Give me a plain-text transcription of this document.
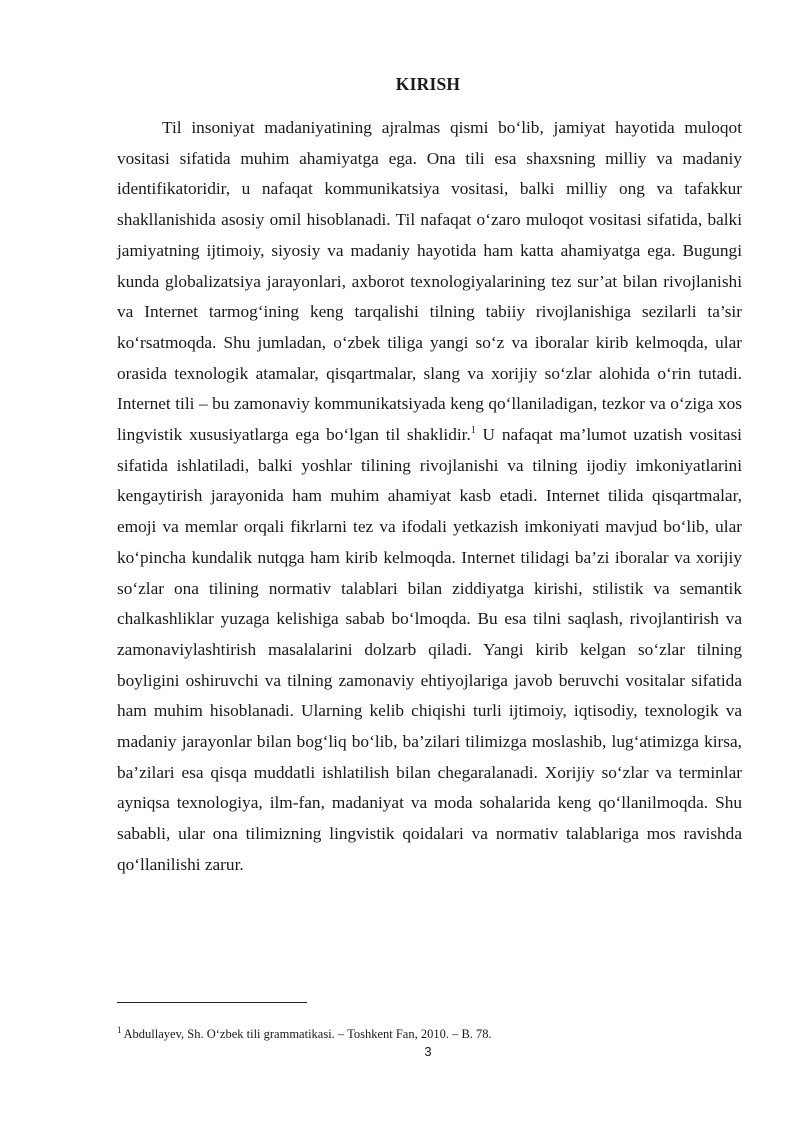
KIRISH

Til insoniyat madaniyatining ajralmas qismi bo‘lib, jamiyat hayotida muloqot vositasi sifatida muhim ahamiyatga ega. Ona tili esa shaxsning milliy va madaniy identifikatoridir, u nafaqat kommunikatsiya vositasi, balki milliy ong va tafakkur shakllanishida asosiy omil hisoblanadi. Til nafaqat o‘zaro muloqot vositasi sifatida, balki jamiyatning ijtimoiy, siyosiy va madaniy hayotida ham katta ahamiyatga ega. Bugungi kunda globalizatsiya jarayonlari, axborot texnologiyalarining tez sur’at bilan rivojlanishi va Internet tarmog‘ining keng tarqalishi tilning tabiiy rivojlanishiga sezilarli ta’sir ko‘rsatmoqda. Shu jumladan, o‘zbek tiliga yangi so‘z va iboralar kirib kelmoqda, ular orasida texnologik atamalar, qisqartmalar, slang va xorijiy so‘zlar alohida o‘rin tutadi. Internet tili – bu zamonaviy kommunikatsiyada keng qo‘llaniladigan, tezkor va o‘ziga xos lingvistik xususiyatlarga ega bo‘lgan til shaklidir.$^1$ U nafaqat ma’lumot uzatish vositasi sifatida ishlatiladi, balki yoshlar tilining rivojlanishi va tilning ijodiy imkoniyatlarini kengaytirish jarayonida ham muhim ahamiyat kasb etadi. Internet tilida qisqartmalar, emoji va memlar orqali fikrlarni tez va ifodali yetkazish imkoniyati mavjud bo‘lib, ular ko‘pincha kundalik nutqga ham kirib kelmoqda. Internet tilidagi ba’zi iboralar va xorijiy so‘zlar ona tilining normativ talablari bilan ziddiyatga kirishi, stilistik va semantik chalkashliklar yuzaga kelishiga sabab bo‘lmoqda. Bu esa tilni saqlash, rivojlantirish va zamonaviylashtirish masalalarini dolzarb qiladi. Yangi kirib kelgan so‘zlar tilning boyligini oshiruvchi va tilning zamonaviy ehtiyojlariga javob beruvchi vositalar sifatida ham muhim hisoblanadi. Ularning kelib chiqishi turli ijtimoiy, iqtisodiy, texnologik va madaniy jarayonlar bilan bog‘liq bo‘lib, ba’zilari tilimizga moslashib, lug‘atimizga kirsa, ba’zilari esa qisqa muddatli ishlatilish bilan chegaralanadi. Xorijiy so‘zlar va terminlar ayniqsa texnologiya, ilm-fan, madaniyat va moda sohalarida keng qo‘llanilmoqda. Shu sababli, ular ona tilimizning lingvistik qoidalari va normativ talablariga mos ravishda qo‘llanilishi zarur.

$^1$ Abdullayev, Sh. O‘zbek tili grammatikasi. – Toshkent Fan, 2010. – B. 78.
3
